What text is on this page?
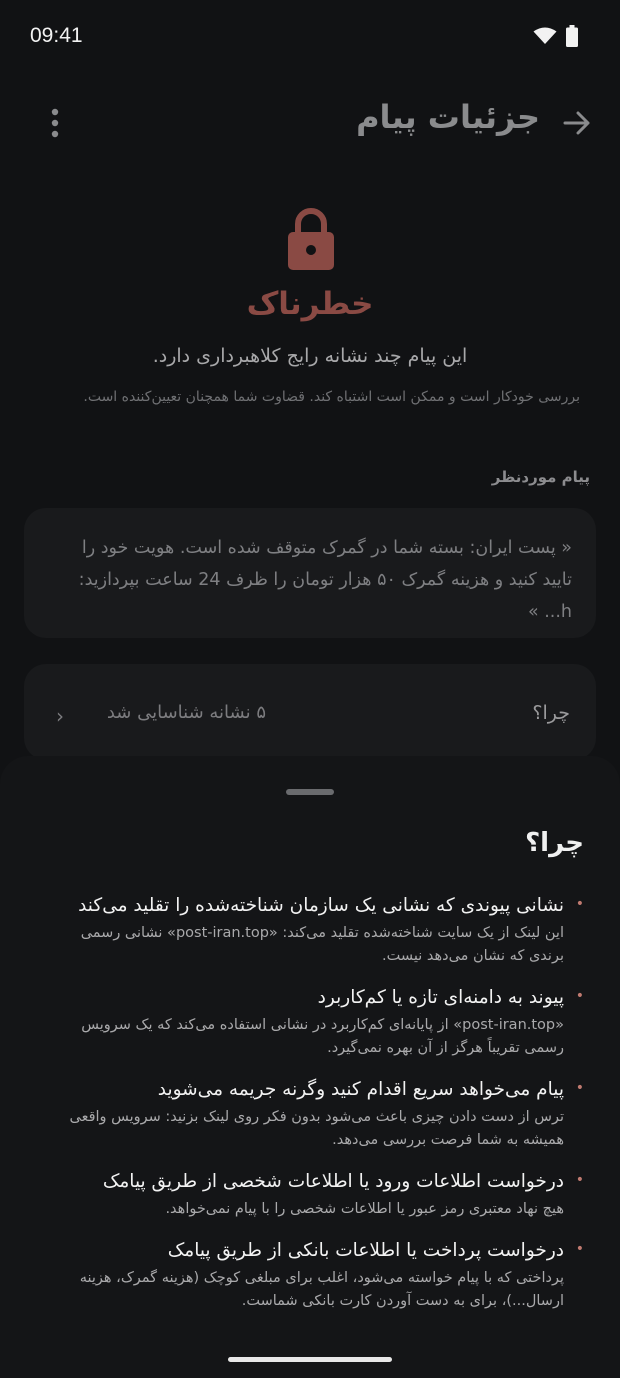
09:41
جزئیات پیام
خطرناک
این پیام چند نشانه رایج کلاهبرداری دارد.
بررسی خودکار است و ممکن است اشتباه کند. قضاوت شما همچنان تعیین‌کننده است.
پیام موردنظر
« پست ایران: بسته شما در گمرک متوقف شده است. هویت خود را تایید کنید و هزینه گمرک ۵۰ هزار تومان را ظرف 24 ساعت بپردازید: h... »
چرا؟
۵ نشانه شناسایی شد
‹
چرا؟
•
نشانی پیوندی که نشانی یک سازمان شناخته‌شده را تقلید می‌کند
این لینک از یک سایت شناخته‌شده تقلید می‌کند: «post-iran.top» نشانی رسمی برندی که نشان می‌دهد نیست.
•
پیوند به دامنه‌ای تازه یا کم‌کاربرد
«post-iran.top» از پایانه‌ای کم‌کاربرد در نشانی استفاده می‌کند که یک سرویس رسمی تقریباً هرگز از آن بهره نمی‌گیرد.
•
پیام می‌خواهد سریع اقدام کنید وگرنه جریمه می‌شوید
ترس از دست دادن چیزی باعث می‌شود بدون فکر روی لینک بزنید: سرویس واقعی همیشه به شما فرصت بررسی می‌دهد.
•
درخواست اطلاعات ورود یا اطلاعات شخصی از طریق پیامک
هیچ نهاد معتبری رمز عبور یا اطلاعات شخصی را با پیام نمی‌خواهد.
•
درخواست پرداخت یا اطلاعات بانکی از طریق پیامک
پرداختی که با پیام خواسته می‌شود، اغلب برای مبلغی کوچک (هزینه گمرک، هزینه ارسال...)، برای به دست آوردن کارت بانکی شماست.
